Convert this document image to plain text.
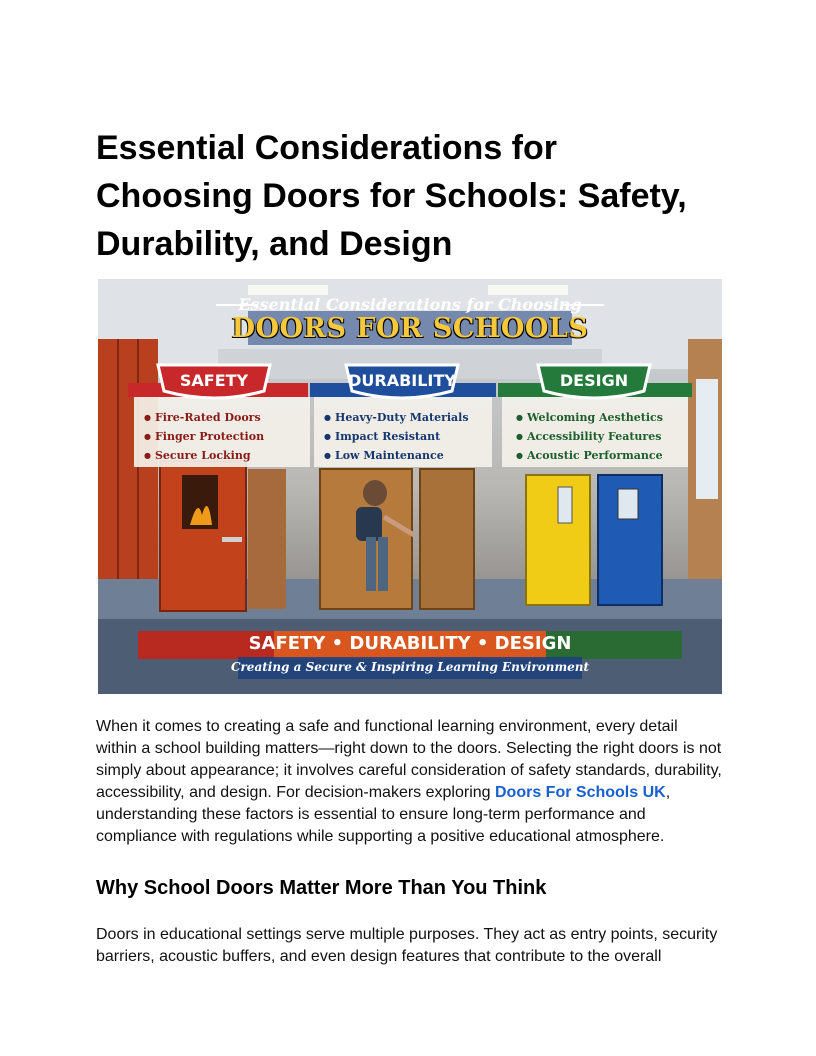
Essential Considerations for Choosing Doors for Schools: Safety, Durability, and Design
Essential Considerations for Choosing
DOORS FOR SCHOOLS
SAFETY	DURABILITY	DESIGN
● Fire-Rated Doors
● Finger Protection
● Secure Locking
● Heavy-Duty Materials
● Impact Resistant
● Low Maintenance
● Welcoming Aesthetics
● Accessibility Features
● Acoustic Performance
SAFETY • DURABILITY • DESIGN
Creating a Secure & Inspiring Learning Environment

When it comes to creating a safe and functional learning environment, every detail within a school building matters—right down to the doors. Selecting the right doors is not simply about appearance; it involves careful consideration of safety standards, durability, accessibility, and design. For decision-makers exploring Doors For Schools UK, understanding these factors is essential to ensure long-term performance and compliance with regulations while supporting a positive educational atmosphere.

Why School Doors Matter More Than You Think

Doors in educational settings serve multiple purposes. They act as entry points, security barriers, acoustic buffers, and even design features that contribute to the overall
